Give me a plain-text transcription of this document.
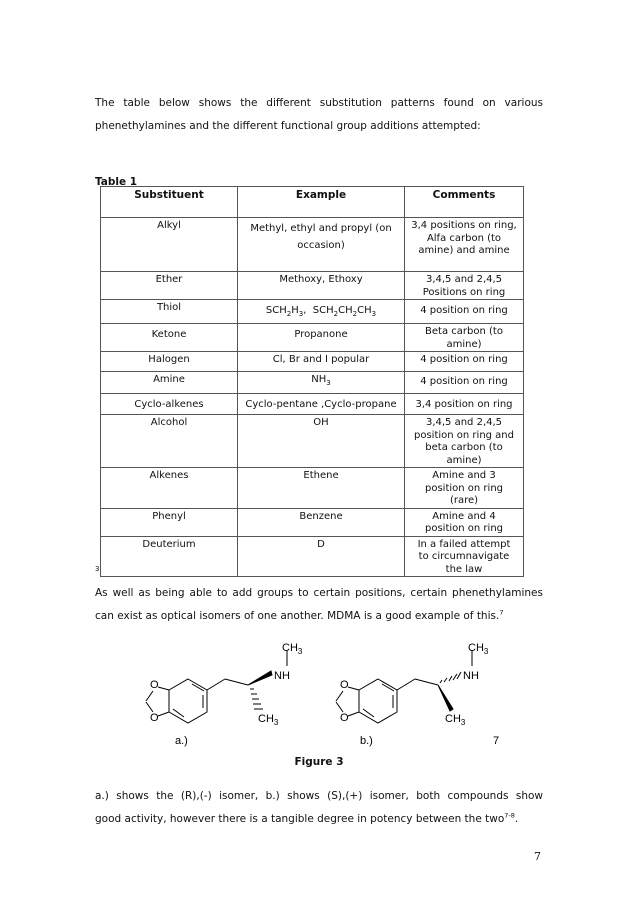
The table below shows the different substitution patterns found on various

phenethylamines and the different functional group additions attempted:

Table 1
Substituent	Example	Comments
Alkyl	Methyl, ethyl and propyl (on occasion)	3,4 positions on ring, Alfa carbon (to amine) and amine
Ether	Methoxy, Ethoxy	3,4,5 and 2,4,5 Positions on ring
Thiol	$SCH_2H_3$,  $SCH_2CH_2CH_3$	4 position on ring
Ketone	Propanone	Beta carbon (to amine)
Halogen	Cl, Br and I popular	4 position on ring
Amine	$NH_3$	4 position on ring
Cyclo-alkenes	Cyclo-pentane ,Cyclo-propane	3,4 position on ring
Alcohol	OH	3,4,5 and 2,4,5 position on ring and beta carbon (to amine)
Alkenes	Ethene	Amine and 3 position on ring (rare)
Phenyl	Benzene	Amine and 4 position on ring
Deuterium	D	In a failed attempt to circumnavigate the law
3

As well as being able to add groups to certain positions, certain phenethylamines

can exist as optical isomers of one another. MDMA is a good example of this.$^7$

O
O
$CH_3$
NH
$CH_3$
O
O
$CH_3$
NH
$CH_3$
a.)	b.)	7
Figure 3

a.) shows the (R),(-) isomer, b.) shows (S),(+) isomer, both compounds show

good activity, however there is a tangible degree in potency between the two$^{7-8}$.

7
